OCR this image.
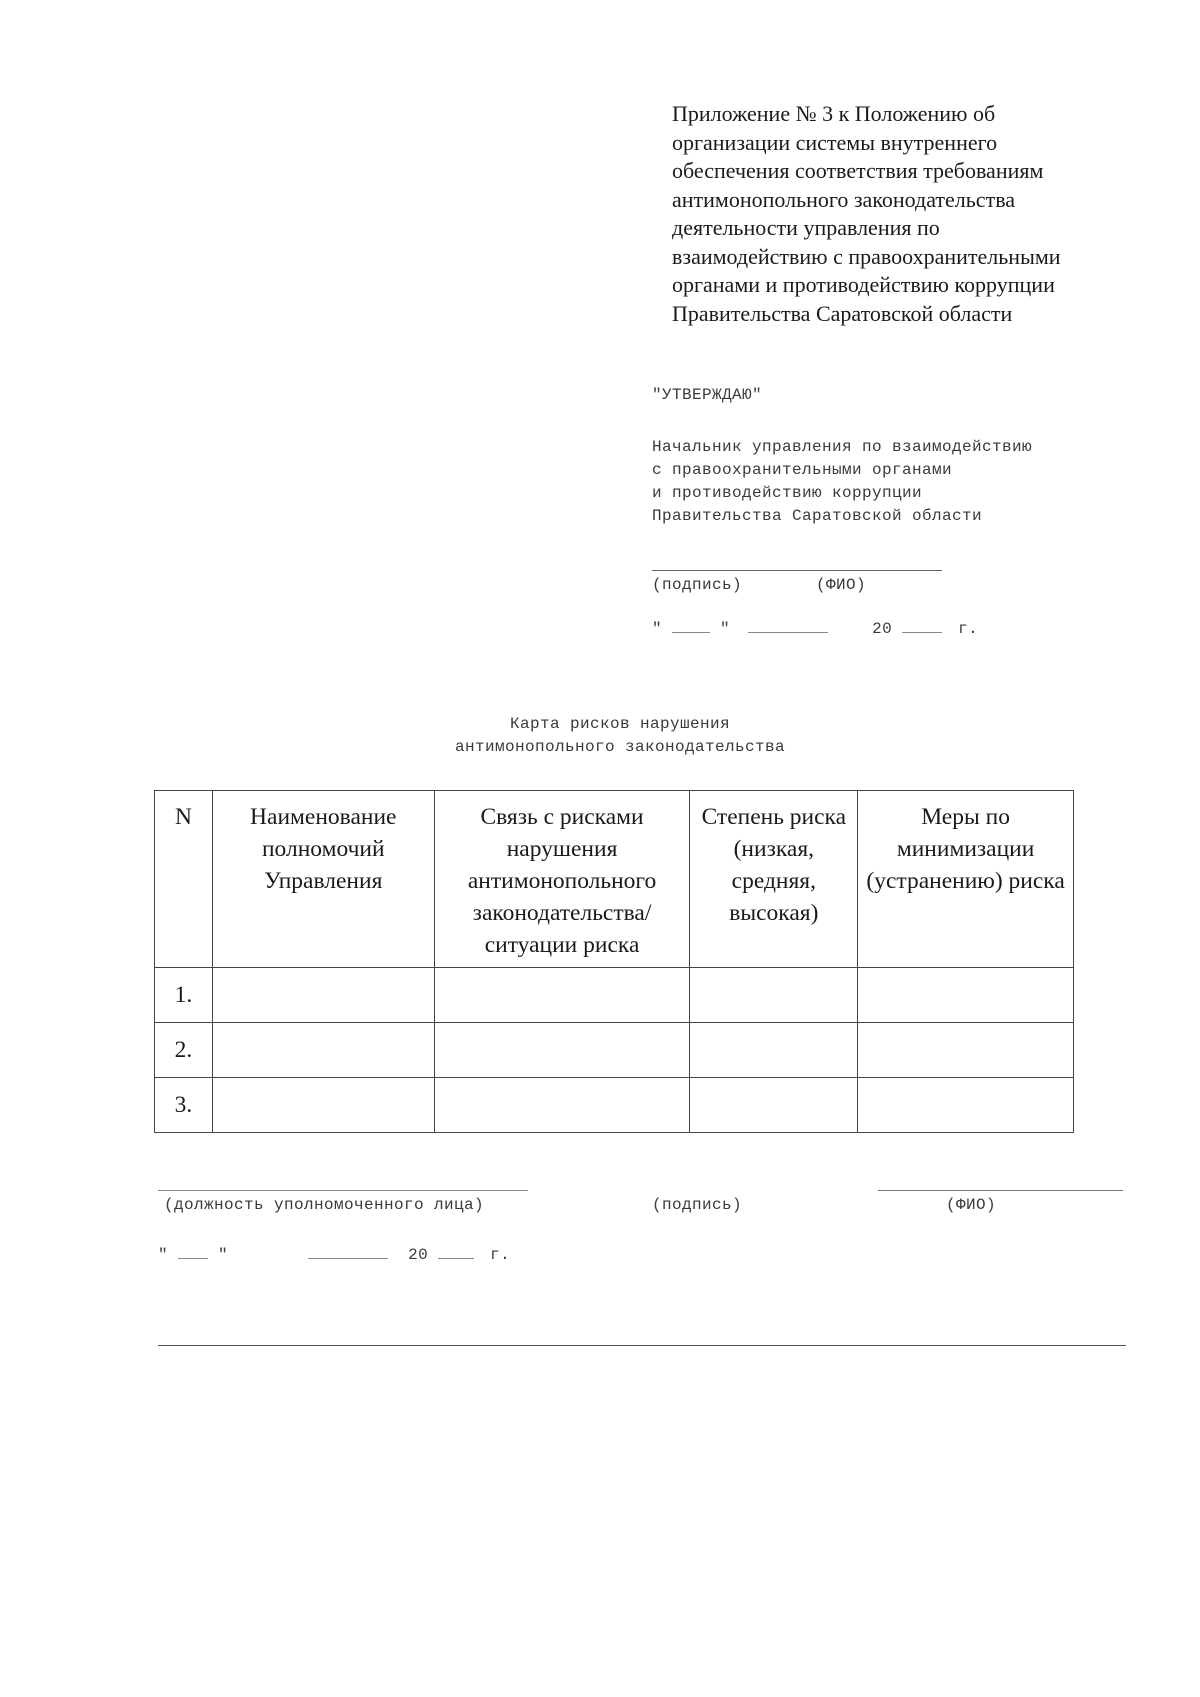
Приложение № 3 к Положению об
организации системы внутреннего
обеспечения соответствия требованиям
антимонопольного законодательства
деятельности управления по
взаимодействию с правоохранительными
органами и противодействию коррупции
Правительства Саратовской области
"УТВЕРЖДАЮ"
Начальник управления по взаимодействию
с правоохранительными органами
и противодействию коррупции
Правительства Саратовской области
(подпись)	(ФИО)
"	"	20	г.
Карта рисков нарушения
антимонопольного законодательства
N	Наименование полномочий Управления	Связь с рисками нарушения антимонопольного законодательства/ситуации риска	Степень риска (низкая, средняя, высокая)	Меры по минимизации (устранению) риска
1.				
2.				
3.				
(должность уполномоченного лица)	(подпись)	(ФИО)
"	"	20	г.
